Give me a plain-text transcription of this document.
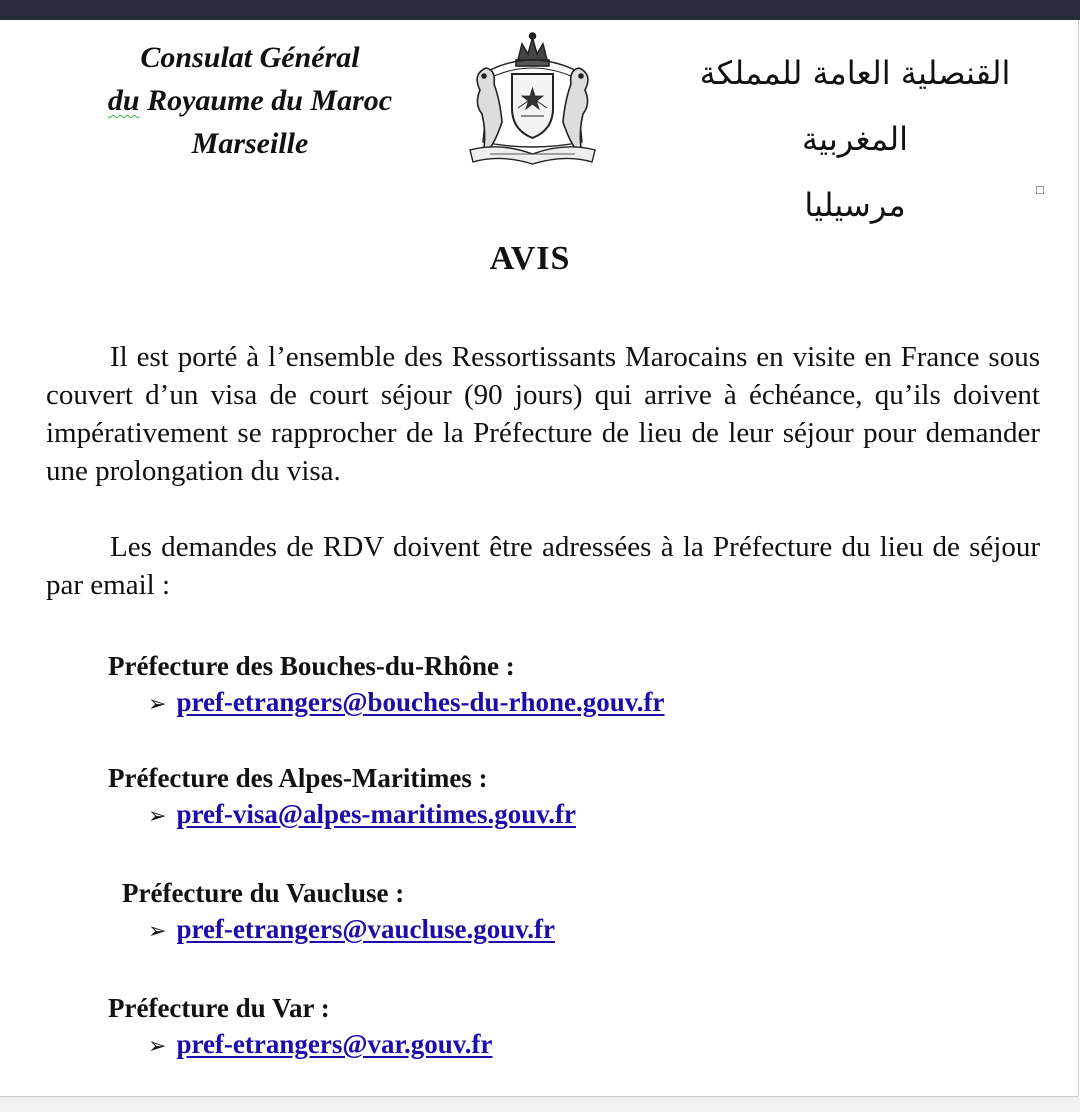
Consulat Général
du Royaume du Maroc
Marseille
القنصلية العامة للمملكة المغربية
مرسيليا
AVIS
Il est porté à l’ensemble des Ressortissants Marocains en visite en France sous couvert d’un visa de court séjour (90 jours) qui arrive à échéance, qu’ils doivent impérativement se rapprocher de la Préfecture de lieu de leur séjour pour demander une prolongation du visa.
Les demandes de RDV doivent être adressées à la Préfecture du lieu de séjour par email :
Préfecture des Bouches-du-Rhône :
➢ pref-etrangers@bouches-du-rhone.gouv.fr
Préfecture des Alpes-Maritimes :
➢ pref-visa@alpes-maritimes.gouv.fr
Préfecture du Vaucluse :
➢ pref-etrangers@vaucluse.gouv.fr
Préfecture du Var :
➢ pref-etrangers@var.gouv.fr
